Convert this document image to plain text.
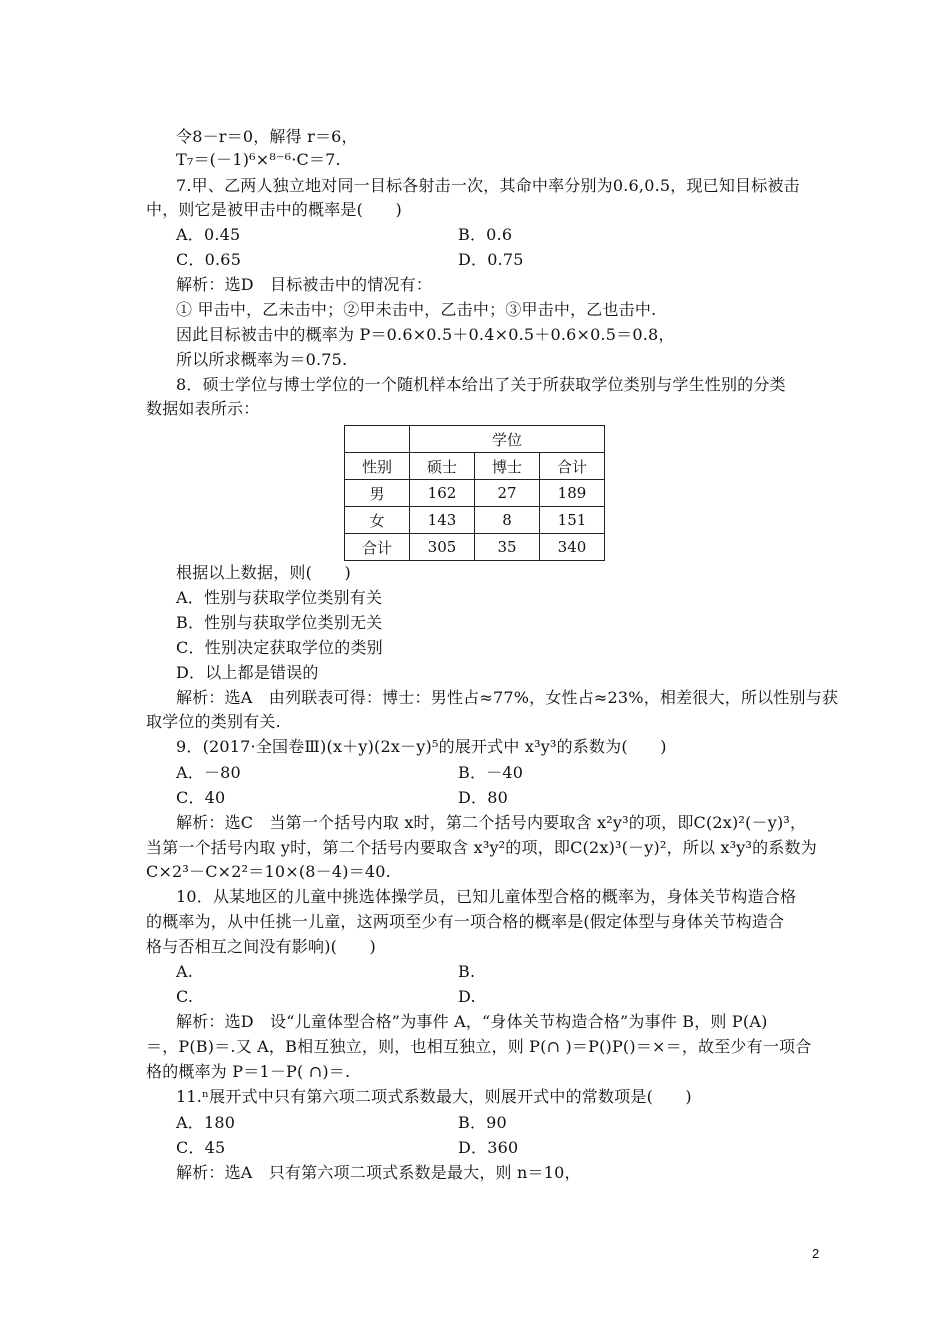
令8－r＝0，解得 r＝6，
T₇＝(－1)⁶×⁸⁻⁶·C＝7.
7.甲、乙两人独立地对同一目标各射击一次，其命中率分别为0.6,0.5，现已知目标被击
中，则它是被甲击中的概率是(　　)
A．0.45	B．0.6
C．0.65	D．0.75
解析：选D　目标被击中的情况有：
① 甲击中，乙未击中；②甲未击中，乙击中；③甲击中，乙也击中.
因此目标被击中的概率为 P＝0.6×0.5＋0.4×0.5＋0.6×0.5＝0.8，
所以所求概率为＝0.75.
8．硕士学位与博士学位的一个随机样本给出了关于所获取学位类别与学生性别的分类
数据如表所示：
	学位		
性别	硕士	博士	合计
男	162	27	189
女	143	8	151
合计	305	35	340
根据以上数据，则(　　)
A．性别与获取学位类别有关
B．性别与获取学位类别无关
C．性别决定获取学位的类别
D．以上都是错误的
解析：选A　由列联表可得：博士：男性占≈77%，女性占≈23%，相差很大，所以性别与获
取学位的类别有关.
9．(2017·全国卷Ⅲ)(x＋y)(2x－y)⁵的展开式中 x³y³的系数为(　　)
A．－80	B．－40
C．40	D．80
解析：选C　当第一个括号内取 x时，第二个括号内要取含 x²y³的项，即C(2x)²(－y)³，
当第一个括号内取 y时，第二个括号内要取含 x³y²的项，即C(2x)³(－y)²，所以 x³y³的系数为
C×2³－C×2²＝10×(8－4)＝40.
10．从某地区的儿童中挑选体操学员，已知儿童体型合格的概率为，身体关节构造合格
的概率为，从中任挑一儿童，这两项至少有一项合格的概率是(假定体型与身体关节构造合
格与否相互之间没有影响)(　　)
A.	B.
C.	D.
解析：选D　设“儿童体型合格”为事件 A，“身体关节构造合格”为事件 B，则 P(A)
＝，P(B)＝.又 A，B相互独立，则，也相互独立，则 P(∩ )＝P()P()＝×＝，故至少有一项合
格的概率为 P＝1－P( ∩)＝.
11.ⁿ展开式中只有第六项二项式系数最大，则展开式中的常数项是(　　)
A．180	B．90
C．45	D．360
解析：选A　只有第六项二项式系数是最大，则 n＝10，
2
